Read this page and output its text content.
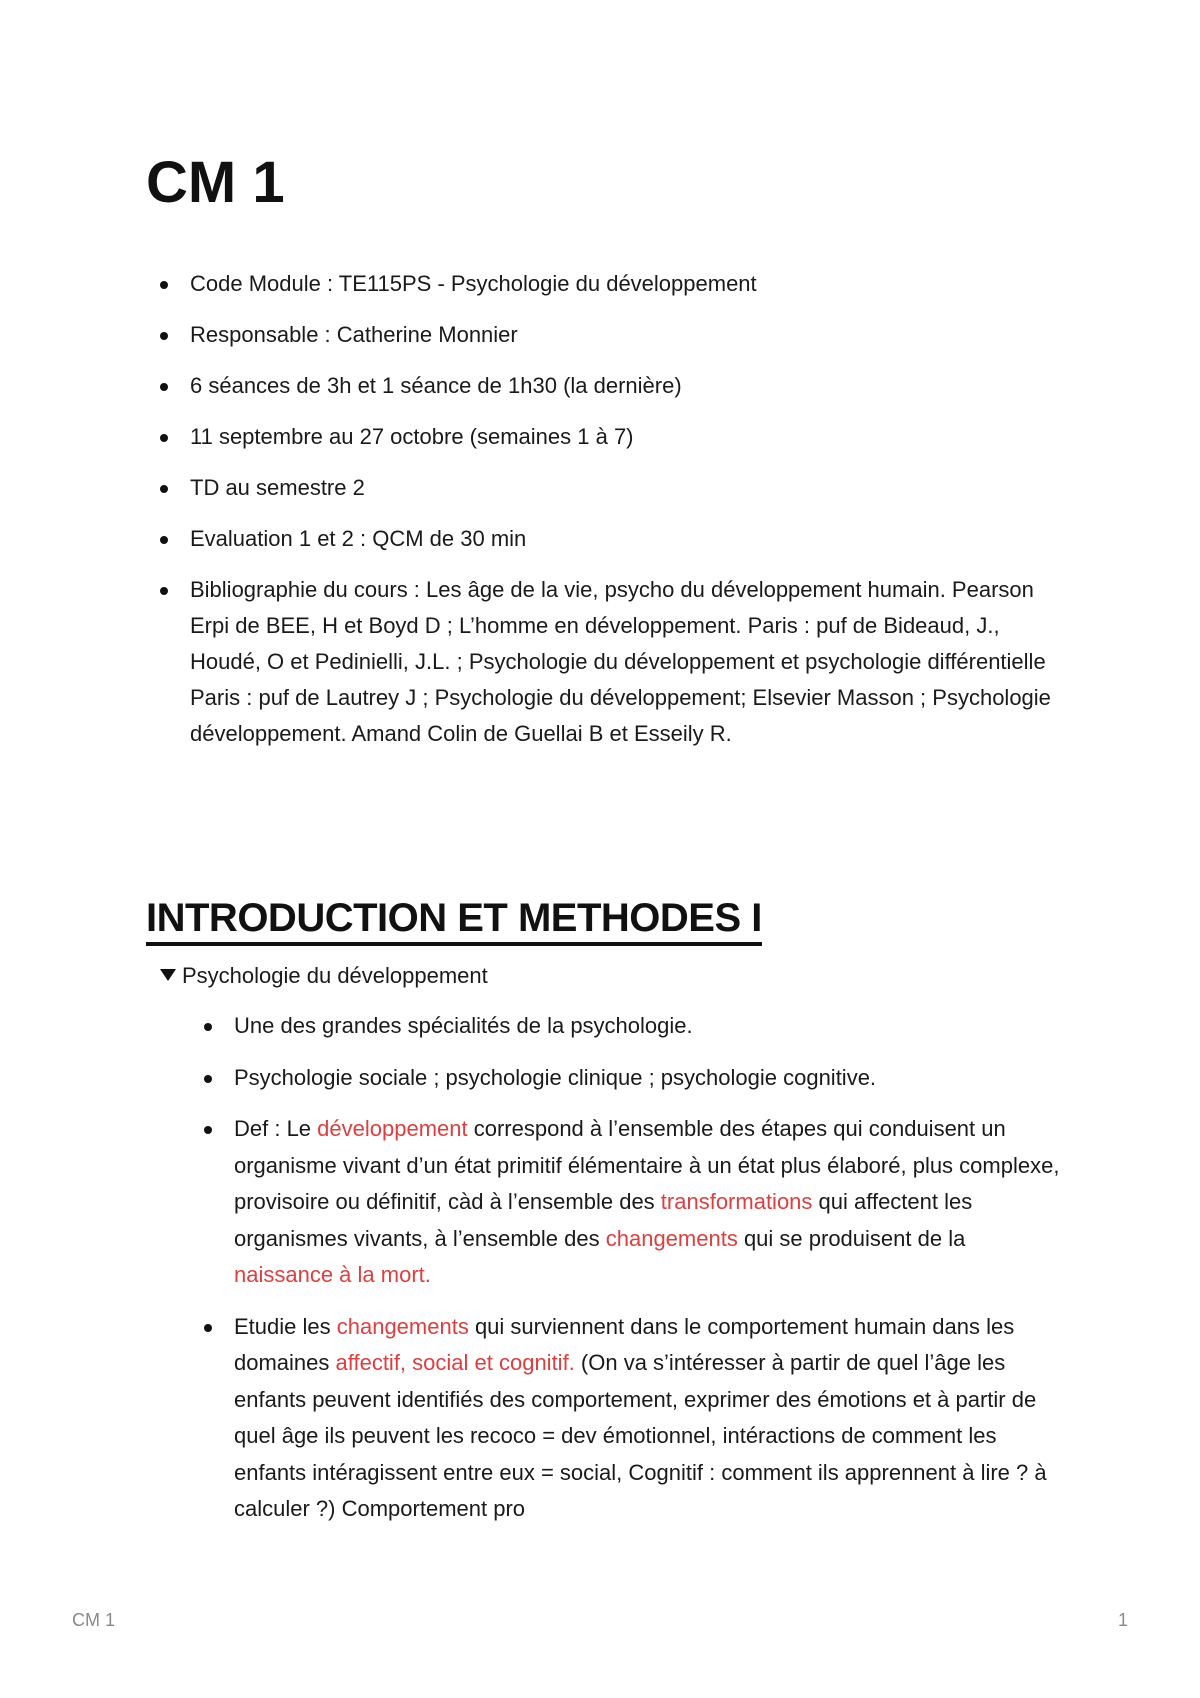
CM 1
Code Module : TE115PS - Psychologie du développement
Responsable : Catherine Monnier
6 séances de 3h et 1 séance de 1h30 (la dernière)
11 septembre au 27 octobre (semaines 1 à 7)
TD au semestre 2
Evaluation 1 et 2 : QCM de 30 min
Bibliographie du cours : Les âge de la vie, psycho du développement humain. Pearson Erpi de BEE, H et Boyd D ; L’homme en développement. Paris : puf de Bideaud, J., Houdé, O et Pedinielli, J.L. ; Psychologie du développement et psychologie différentielle Paris : puf de Lautrey J ; Psychologie du développement; Elsevier Masson ; Psychologie développement. Amand Colin de Guellai B et Esseily R.
INTRODUCTION ET METHODES I
Psychologie du développement
Une des grandes spécialités de la psychologie.
Psychologie sociale ; psychologie clinique ; psychologie cognitive.
Def : Le développement correspond à l’ensemble des étapes qui conduisent un organisme vivant d’un état primitif élémentaire à un état plus élaboré, plus complexe, provisoire ou définitif, càd à l’ensemble des transformations qui affectent les organismes vivants, à l’ensemble des changements qui se produisent de la naissance à la mort.
Etudie les changements qui surviennent dans le comportement humain dans les domaines affectif, social et cognitif. (On va s’intéresser à partir de quel l’âge les enfants peuvent identifiés des comportement, exprimer des émotions et à partir de quel âge ils peuvent les recoco = dev émotionnel, intéractions de comment les enfants intéragissent entre eux = social, Cognitif : comment ils apprennent à lire ? à calculer ?) Comportement pro
CM 1	1
